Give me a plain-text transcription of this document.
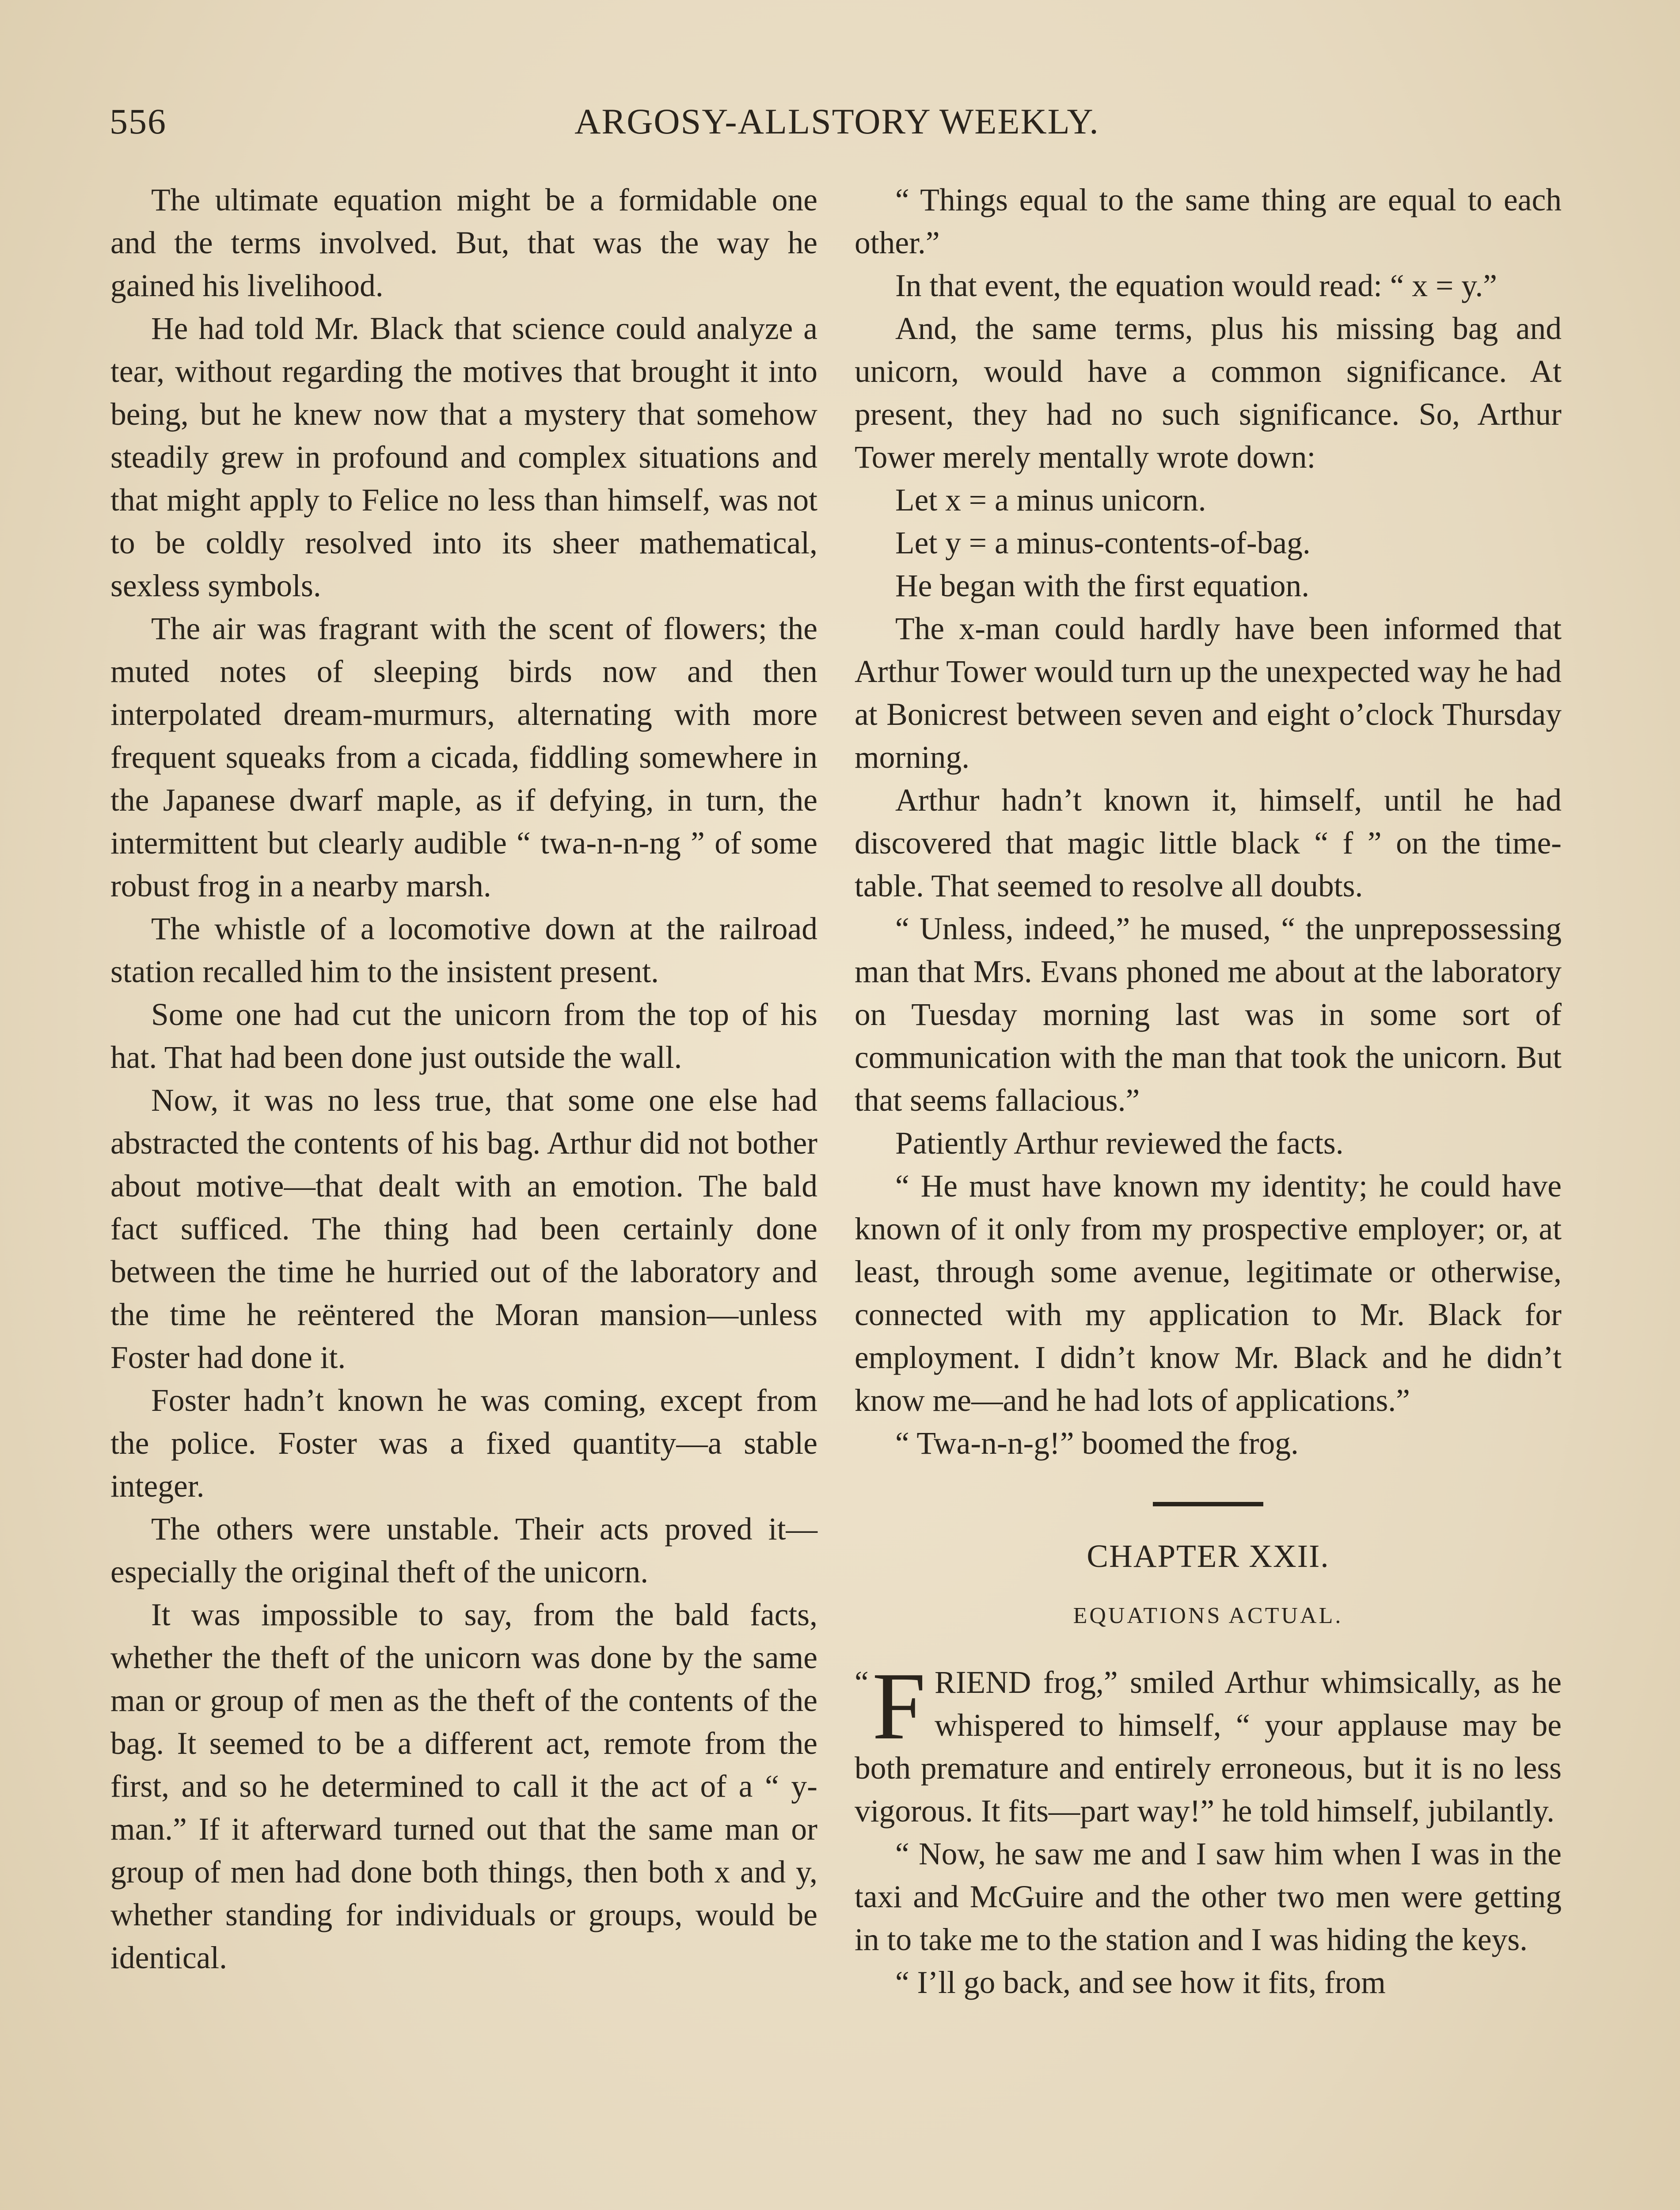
556	ARGOSY-ALLSTORY WEEKLY.

The ultimate equation might be a formidable one and the terms involved. But, that was the way he gained his livelihood.

He had told Mr. Black that science could analyze a tear, without regarding the motives that brought it into being, but he knew now that a mystery that somehow steadily grew in profound and complex situations and that might apply to Felice no less than himself, was not to be coldly resolved into its sheer mathematical, sexless symbols.

The air was fragrant with the scent of flowers; the muted notes of sleeping birds now and then interpolated dream-murmurs, alternating with more frequent squeaks from a cicada, fiddling somewhere in the Japanese dwarf maple, as if defying, in turn, the intermittent but clearly audible “ twa-n-n-ng ” of some robust frog in a nearby marsh.

The whistle of a locomotive down at the railroad station recalled him to the insistent present.

Some one had cut the unicorn from the top of his hat. That had been done just outside the wall.

Now, it was no less true, that some one else had abstracted the contents of his bag. Arthur did not bother about motive—that dealt with an emotion. The bald fact sufficed. The thing had been certainly done between the time he hurried out of the laboratory and the time he reëntered the Moran mansion—unless Foster had done it.

Foster hadn’t known he was coming, except from the police. Foster was a fixed quantity—a stable integer.

The others were unstable. Their acts proved it—especially the original theft of the unicorn.

It was impossible to say, from the bald facts, whether the theft of the unicorn was done by the same man or group of men as the theft of the contents of the bag. It seemed to be a different act, remote from the first, and so he determined to call it the act of a “ y-man.” If it afterward turned out that the same man or group of men had done both things, then both x and y, whether standing for individuals or groups, would be identical.

“ Things equal to the same thing are equal to each other.”

In that event, the equation would read: “ x = y.”

And, the same terms, plus his missing bag and unicorn, would have a common significance. At present, they had no such significance. So, Arthur Tower merely mentally wrote down:

Let x = a minus unicorn.

Let y = a minus-contents-of-bag.

He began with the first equation.

The x-man could hardly have been informed that Arthur Tower would turn up the unexpected way he had at Bonicrest between seven and eight o’clock Thursday morning.

Arthur hadn’t known it, himself, until he had discovered that magic little black “ f ” on the time-table. That seemed to resolve all doubts.

“ Unless, indeed,” he mused, “ the unprepossessing man that Mrs. Evans phoned me about at the laboratory on Tuesday morning last was in some sort of communication with the man that took the unicorn. But that seems fallacious.”

Patiently Arthur reviewed the facts.

“ He must have known my identity; he could have known of it only from my prospective employer; or, at least, through some avenue, legitimate or otherwise, connected with my application to Mr. Black for employment. I didn’t know Mr. Black and he didn’t know me—and he had lots of applications.”

“ Twa-n-n-g!” boomed the frog.

CHAPTER XXII.

EQUATIONS ACTUAL.

“ F RIEND frog,” smiled Arthur whimsically, as he whispered to himself, “ your applause may be both premature and entirely erroneous, but it is no less vigorous. It fits—part way!” he told himself, jubilantly.

“ Now, he saw me and I saw him when I was in the taxi and McGuire and the other two men were getting in to take me to the station and I was hiding the keys.

“ I’ll go back, and see how it fits, from
